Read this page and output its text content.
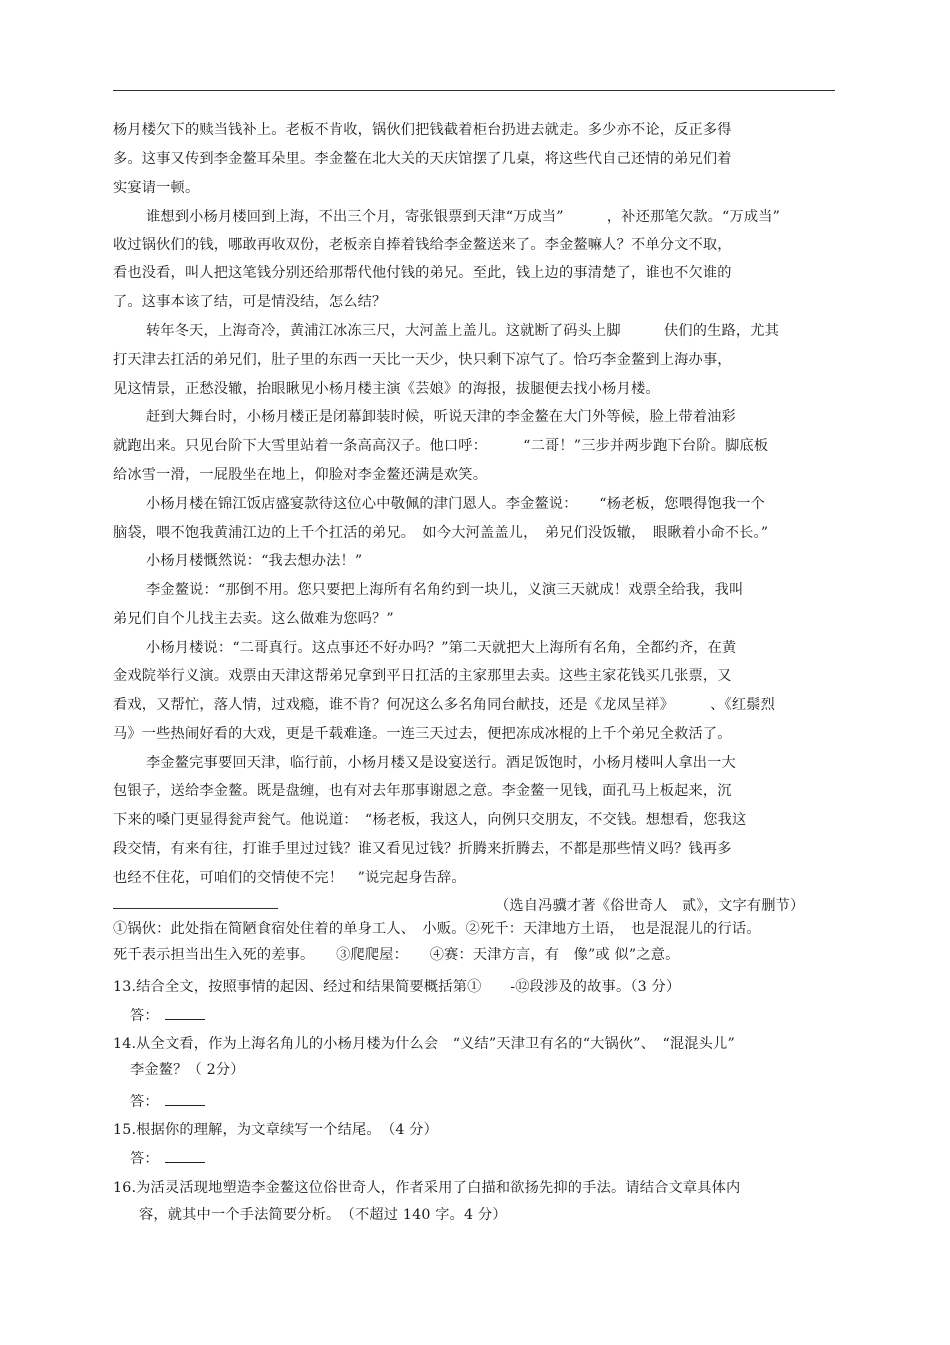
杨月楼欠下的赎当钱补上。老板不肯收，锅伙们把钱截着柜台扔进去就走。多少亦不论，反正多得
多。这事又传到李金鳌耳朵里。李金鳌在北大关的天庆馆摆了几桌，将这些代自己还情的弟兄们着
实宴请一顿。
谁想到小杨月楼回到上海，不出三个月，寄张银票到天津“万成当”　　　，补还那笔欠款。“万成当”
收过锅伙们的钱，哪敢再收双份，老板亲自捧着钱给李金鳌送来了。李金鳌嘛人？不单分文不取，
看也没看，叫人把这笔钱分别还给那帮代他付钱的弟兄。至此，钱上边的事清楚了，谁也不欠谁的
了。这事本该了结，可是情没结，怎么结？
转年冬天，上海奇冷，黄浦江冰冻三尺，大河盖上盖儿。这就断了码头上脚　　　伕们的生路，尤其
打天津去扛活的弟兄们，肚子里的东西一天比一天少，快只剩下凉气了。恰巧李金鳌到上海办事，
见这情景，正愁没辙，抬眼瞅见小杨月楼主演《芸娘》的海报，拔腿便去找小杨月楼。
赶到大舞台时，小杨月楼正是闭幕卸装时候，听说天津的李金鳌在大门外等候，脸上带着油彩
就跑出来。只见台阶下大雪里站着一条高高汉子。他口呼：　　　“二哥！”三步并两步跑下台阶。脚底板
给冰雪一滑，一屁股坐在地上，仰脸对李金鳌还满是欢笑。
小杨月楼在锦江饭店盛宴款待这位心中敬佩的津门恩人。李金鳌说：　　“杨老板，您喂得饱我一个
脑袋，喂不饱我黄浦江边的上千个扛活的弟兄。　如今大河盖盖儿，　弟兄们没饭辙，　眼瞅着小命不长。”
小杨月楼慨然说：“我去想办法！”
李金鳌说：“那倒不用。您只要把上海所有名角约到一块儿，义演三天就成！戏票全给我，我叫
弟兄们自个儿找主去卖。这么做难为您吗？”
小杨月楼说：“二哥真行。这点事还不好办吗？”第二天就把大上海所有名角，全都约齐，在黄
金戏院举行义演。戏票由天津这帮弟兄拿到平日扛活的主家那里去卖。这些主家花钱买几张票，又
看戏，又帮忙，落人情，过戏瘾，谁不肯？何况这么多名角同台献技，还是《龙凤呈祥》　　　、《红鬃烈
马》一些热闹好看的大戏，更是千载难逢。一连三天过去，便把冻成冰棍的上千个弟兄全救活了。
李金鳌完事要回天津，临行前，小杨月楼又是设宴送行。酒足饭饱时，小杨月楼叫人拿出一大
包银子，送给李金鳌。既是盘缠，也有对去年那事谢恩之意。李金鳌一见钱，面孔马上板起来，沉
下来的嗓门更显得瓮声瓮气。他说道：　“杨老板，我这人，向例只交朋友，不交钱。想想看，您我这
段交情，有来有往，打谁手里过过钱？谁又看见过钱？折腾来折腾去，不都是那些情义吗？钱再多
也经不住花，可咱们的交情使不完！　”说完起身告辞。
（选自冯骥才著《俗世奇人　贰》，文字有删节）
①锅伙：此处指在简陋食宿处住着的单身工人、　小贩。②死千：天津地方土语，　也是混混儿的行话。
死千表示担当出生入死的差事。　　③爬爬屋：　　④赛：天津方言，有　像”或 似”之意。
13.结合全文，按照事情的起因、经过和结果简要概括第①　　-⑫段涉及的故事。（3 分）
答：
14.从全文看，作为上海名角儿的小杨月楼为什么会　“义结”天津卫有名的“大锅伙”、　“混混头儿”
李金鳌？（ 2分）
答：
15.根据你的理解，为文章续写一个结尾。　（4 分）
答：
16.为活灵活现地塑造李金鳌这位俗世奇人，作者采用了白描和欲扬先抑的手法。请结合文章具体内
容，就其中一个手法简要分析。　（不超过 140 字。4 分）
